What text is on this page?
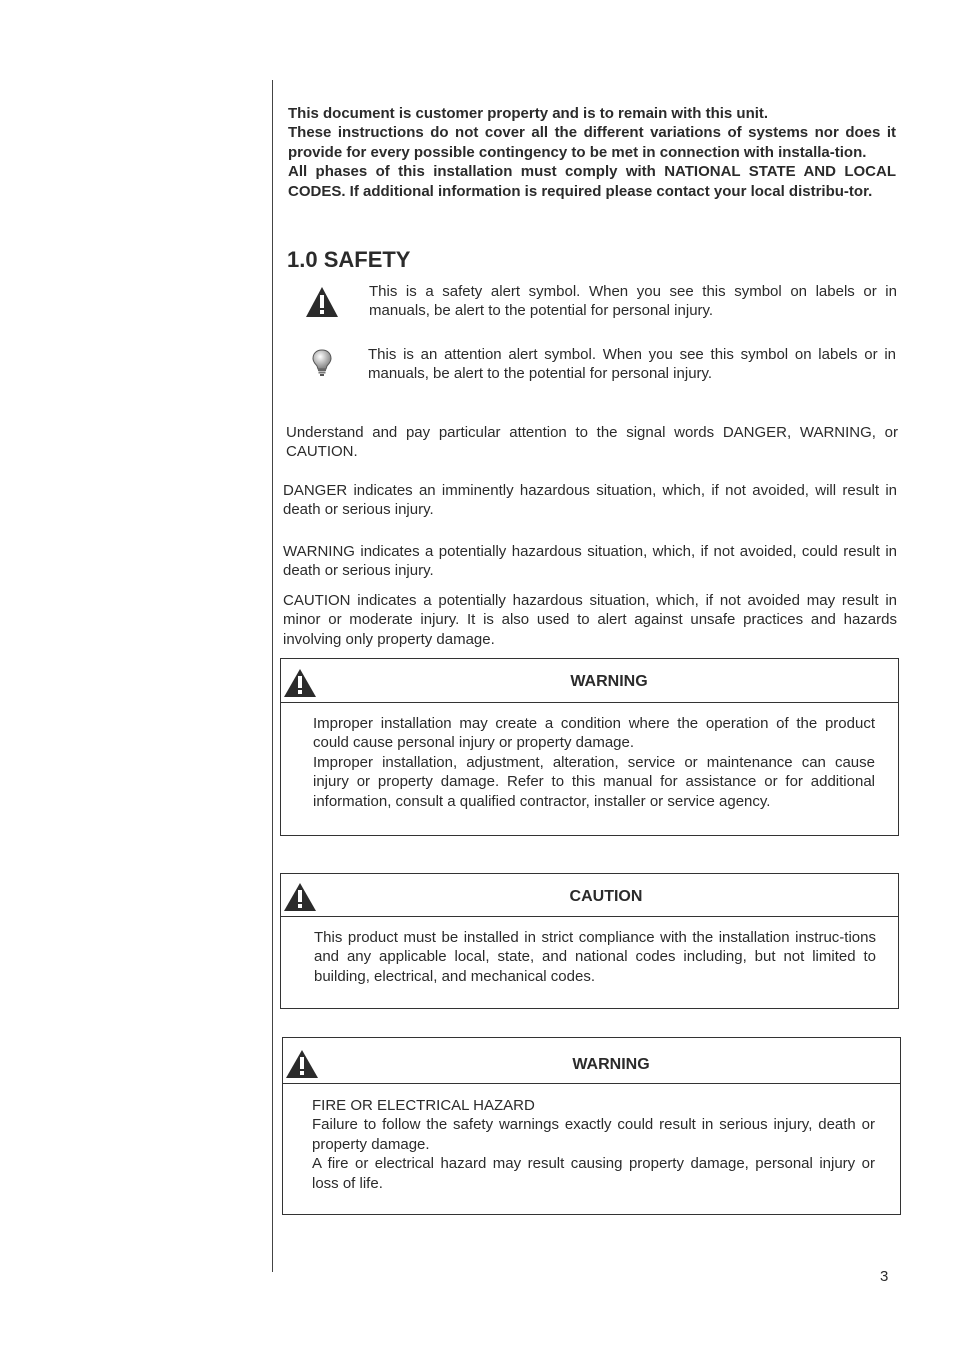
This document is customer property and is to remain with this unit.

These instructions do not cover all the different variations of systems nor does it provide for every possible contingency to be met in connection with installa-tion.

All phases of this installation must comply with NATIONAL STATE AND LOCAL CODES. If additional information is required please contact your local distribu-tor.

1.0 SAFETY

This is a safety alert symbol. When you see this symbol on labels or in manuals, be alert to the potential for personal injury.

This is an attention alert symbol. When you see this symbol on labels or in manuals, be alert to the potential for personal injury.

Understand and pay particular attention to the signal words DANGER, WARNING, or CAUTION.

DANGER indicates an imminently hazardous situation, which, if not avoided, will result in death or serious injury.

WARNING indicates a potentially hazardous situation, which, if not avoided, could result in death or serious injury.

CAUTION indicates a potentially hazardous situation, which, if not avoided may result in minor or moderate injury. It is also used to alert against unsafe practices and hazards involving only property damage.

WARNING

Improper installation may create a condition where the operation of the product could cause personal injury or property damage.

Improper installation, adjustment, alteration, service or maintenance can cause injury or property damage. Refer to this manual for assistance or for additional information, consult a qualified contractor, installer or service agency.

CAUTION

This product must be installed in strict compliance with the installation instruc-tions and any applicable local, state, and national codes including, but not limited to building, electrical, and mechanical codes.

WARNING

FIRE OR ELECTRICAL HAZARD

Failure to follow the safety warnings exactly could result in serious injury, death or property damage.

A fire or electrical hazard may result causing property damage, personal injury or loss of life.

3
